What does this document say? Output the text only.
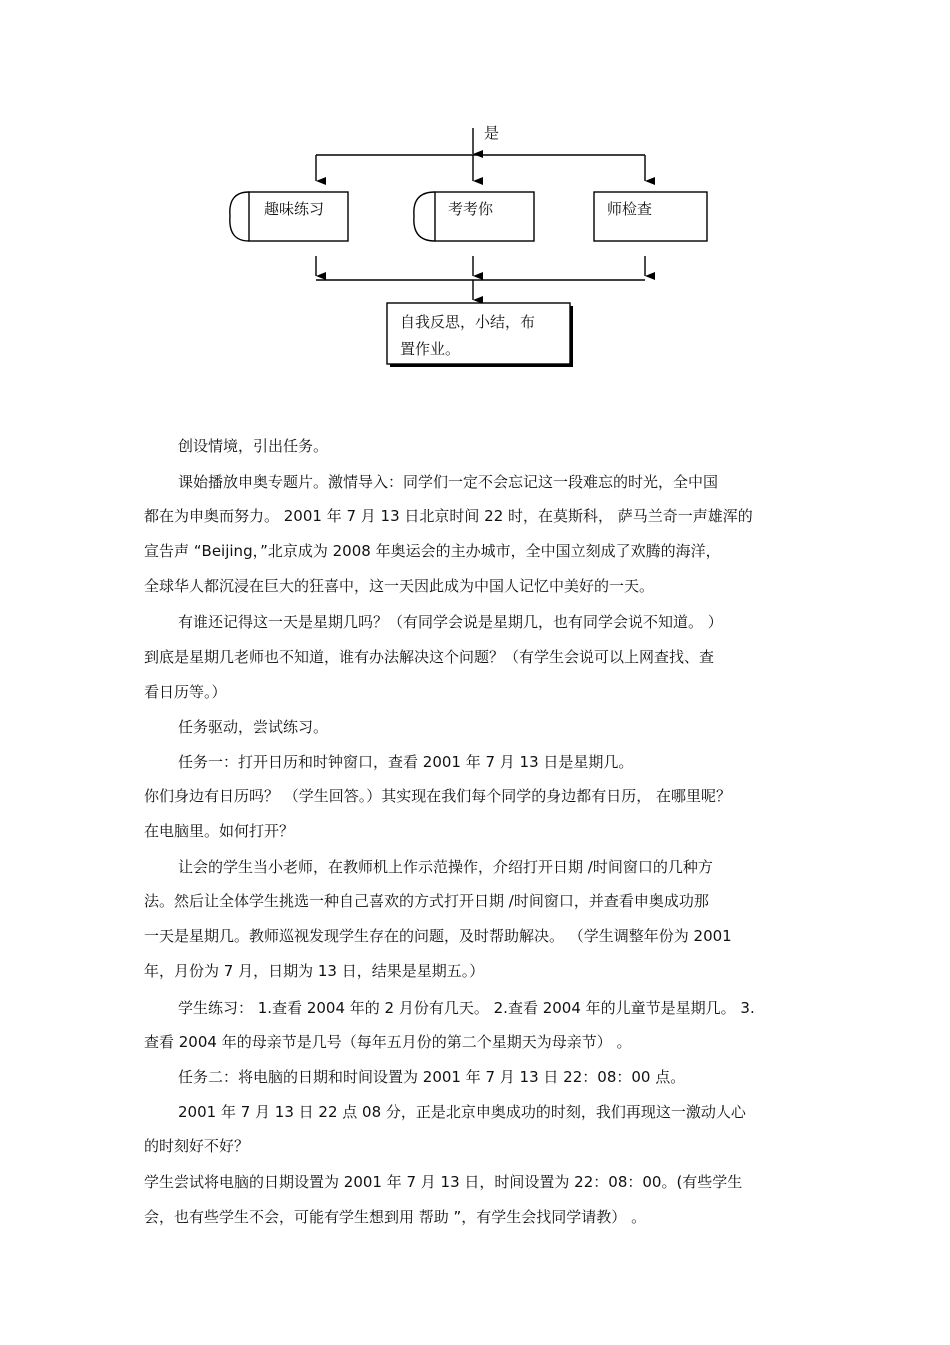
是
趣味练习	考考你	师检查
自我反思，小结，布
置作业。
创设情境，引出任务。
课始播放申奥专题片。激情导入：同学们一定不会忘记这一段难忘的时光，全中国
都在为申奥而努力。 2001 年 7 月 13 日北京时间 22 时，在莫斯科， 萨马兰奇一声雄浑的
宣告声 “Beijing，”北京成为 2008 年奥运会的主办城市，全中国立刻成了欢腾的海洋，
全球华人都沉浸在巨大的狂喜中，这一天因此成为中国人记忆中美好的一天。
有谁还记得这一天是星期几吗？（有同学会说是星期几，也有同学会说不知道。 ）
到底是星期几老师也不知道，谁有办法解决这个问题？（有学生会说可以上网查找、查
看日历等。）
任务驱动，尝试练习。
任务一：打开日历和时钟窗口，查看 2001 年 7 月 13 日是星期几。
你们身边有日历吗？ （学生回答。）其实现在我们每个同学的身边都有日历， 在哪里呢？
在电脑里。如何打开？
让会的学生当小老师，在教师机上作示范操作，介绍打开日期 /时间窗口的几种方
法。然后让全体学生挑选一种自己喜欢的方式打开日期 /时间窗口，并查看申奥成功那
一天是星期几。教师巡视发现学生存在的问题，及时帮助解决。 （学生调整年份为 2001
年，月份为 7 月，日期为 13 日，结果是星期五。）
学生练习： 1.查看 2004 年的 2 月份有几天。 2.查看 2004 年的儿童节是星期几。 3.
查看 2004 年的母亲节是几号（每年五月份的第二个星期天为母亲节） 。
任务二：将电脑的日期和时间设置为 2001 年 7 月 13 日 22：08：00 点。
2001 年 7 月 13 日 22 点 08 分，正是北京申奥成功的时刻，我们再现这一激动人心
的时刻好不好？
学生尝试将电脑的日期设置为 2001 年 7 月 13 日，时间设置为 22：08：00。(有些学生
会，也有些学生不会，可能有学生想到用 帮助 ”，有学生会找同学请教） 。
